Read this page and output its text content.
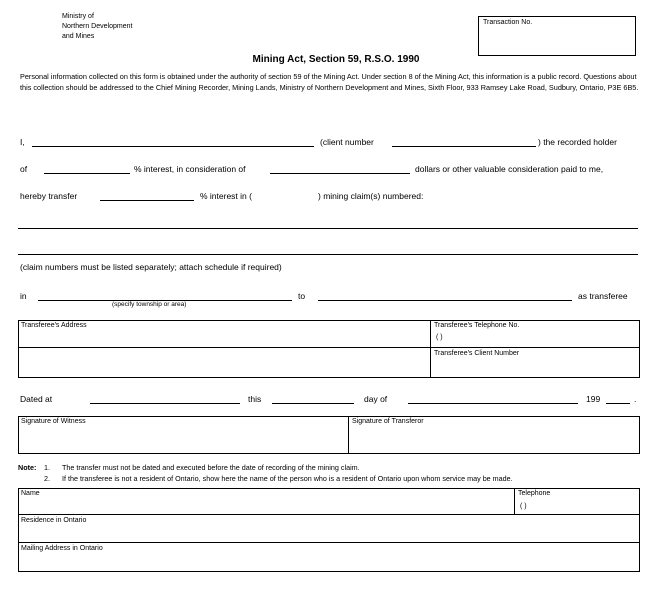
Ministry of
Northern Development
and Mines
Transaction No.
Mining Act, Section 59, R.S.O. 1990
Personal information collected on this form is obtained under the authority of section 59 of the Mining Act. Under section 8 of the Mining Act, this information is a public record. Questions about this collection should be addressed to the Chief Mining Recorder, Mining Lands, Ministry of Northern Development and Mines, Sixth Floor, 933 Ramsey Lake Road, Sudbury, Ontario, P3E 6B5.
I,	(client number	) the recorded holder
of	% interest, in consideration of	dollars or other valuable consideration paid to me,
hereby transfer	% interest in (	) mining claim(s) numbered:
(claim numbers must be listed separately; attach schedule if required)
in
(specify township or area)
to	as transferee
Transferee's Address	Transferee's Telephone No.
( )
Transferee's Client Number
Dated at	this	day of	199	.
Signature of Witness	Signature of Transferor
Note: 1. The transfer must not be dated and executed before the date of recording of the mining claim.
2. If the transferee is not a resident of Ontario, show here the name of the person who is a resident of Ontario upon whom service may be made.
Name	Telephone
( )
Residence in Ontario
Mailing Address in Ontario
